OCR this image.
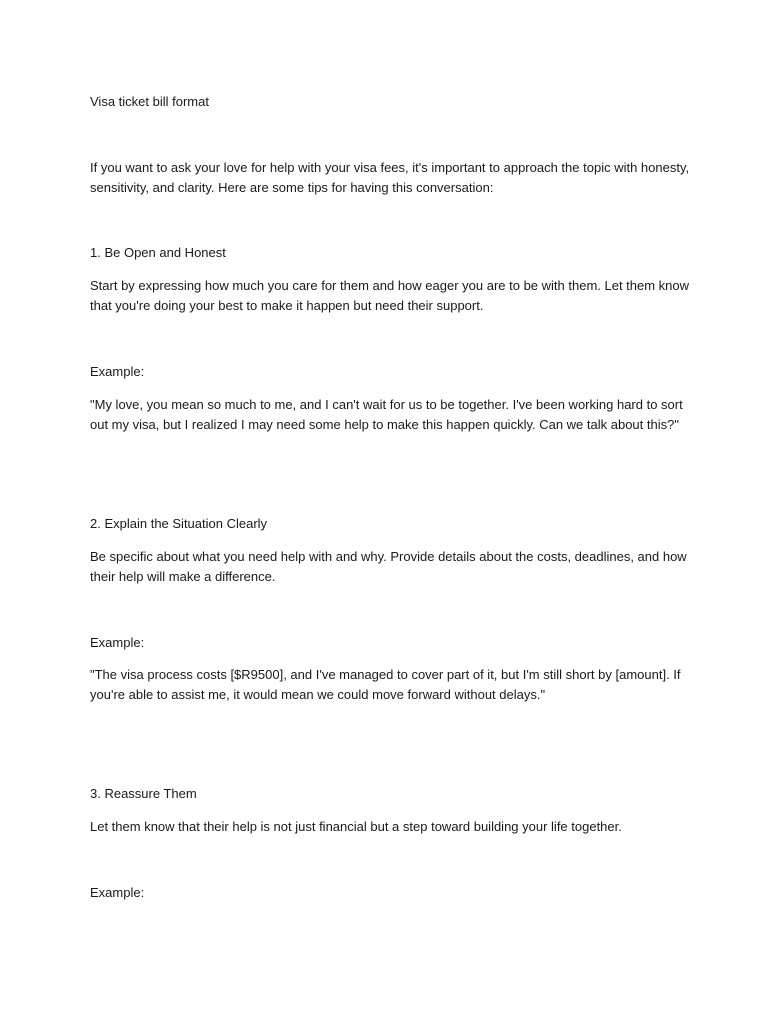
Visa ticket bill format

If you want to ask your love for help with your visa fees, it's important to approach the topic with honesty, sensitivity, and clarity. Here are some tips for having this conversation:

1. Be Open and Honest

Start by expressing how much you care for them and how eager you are to be with them. Let them know that you're doing your best to make it happen but need their support.

Example:

"My love, you mean so much to me, and I can't wait for us to be together. I've been working hard to sort out my visa, but I realized I may need some help to make this happen quickly. Can we talk about this?"

2. Explain the Situation Clearly

Be specific about what you need help with and why. Provide details about the costs, deadlines, and how their help will make a difference.

Example:

"The visa process costs [$R9500], and I've managed to cover part of it, but I'm still short by [amount]. If you're able to assist me, it would mean we could move forward without delays."

3. Reassure Them

Let them know that their help is not just financial but a step toward building your life together.

Example:
